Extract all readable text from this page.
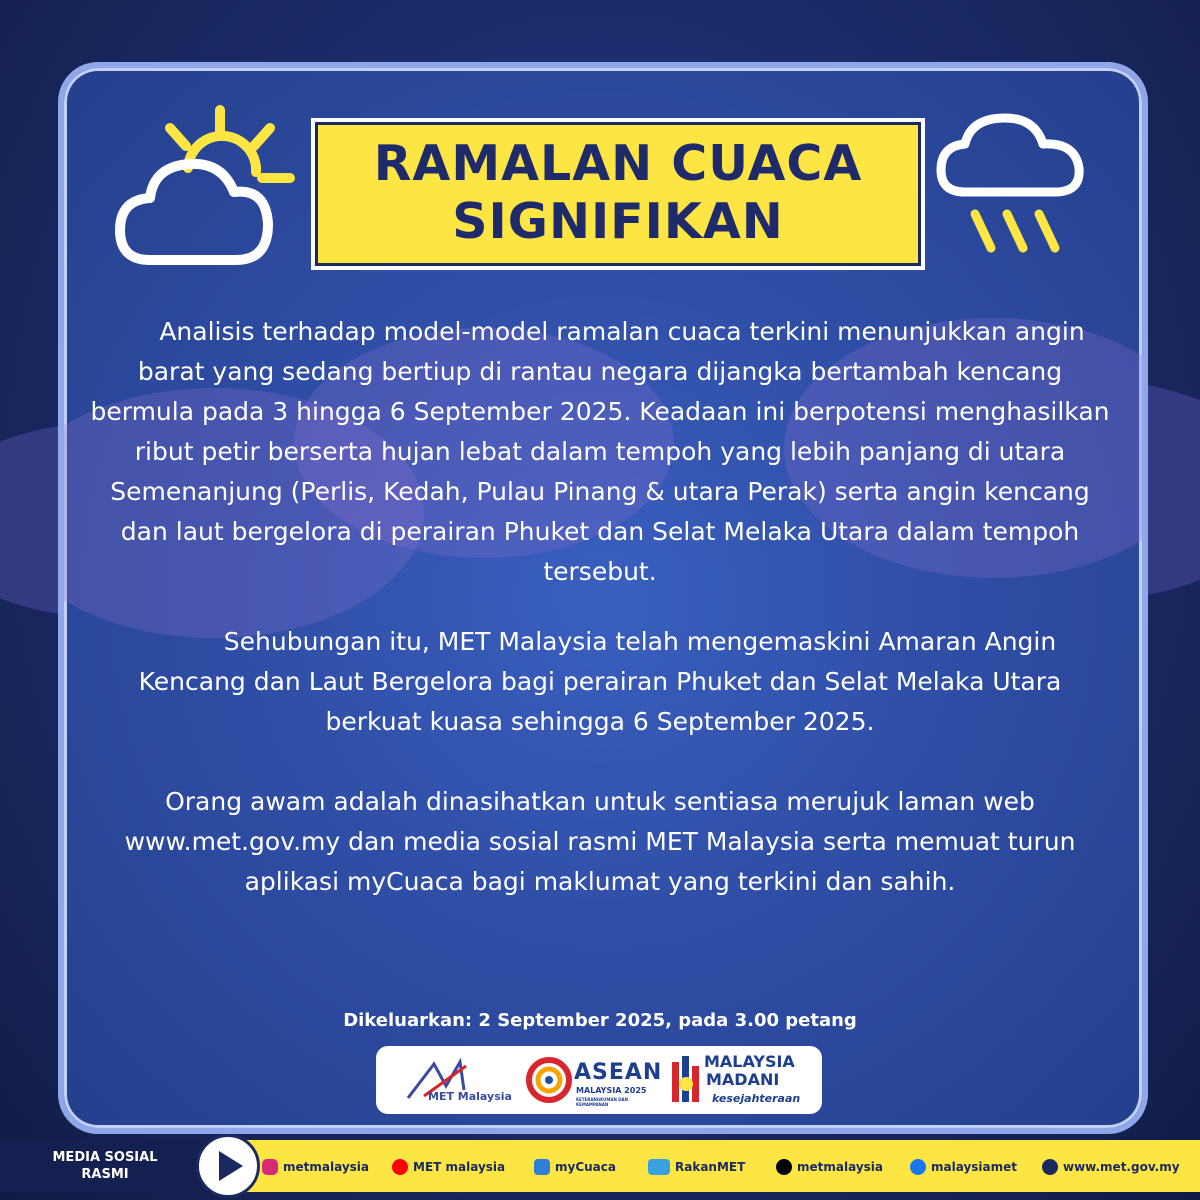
RAMALAN CUACA
SIGNIFIKAN
Analisis terhadap model-model ramalan cuaca terkini menunjukkan angin barat yang sedang bertiup di rantau negara dijangka bertambah kencang bermula pada 3 hingga 6 September 2025. Keadaan ini berpotensi menghasilkan ribut petir berserta hujan lebat dalam tempoh yang lebih panjang di utara Semenanjung (Perlis, Kedah, Pulau Pinang & utara Perak) serta angin kencang dan laut bergelora di perairan Phuket dan Selat Melaka Utara dalam tempoh tersebut.
Sehubungan itu, MET Malaysia telah mengemaskini Amaran Angin Kencang dan Laut Bergelora bagi perairan Phuket dan Selat Melaka Utara berkuat kuasa sehingga 6 September 2025.
Orang awam adalah dinasihatkan untuk sentiasa merujuk laman web www.met.gov.my dan media sosial rasmi MET Malaysia serta memuat turun aplikasi myCuaca bagi maklumat yang terkini dan sahih.
Dikeluarkan: 2 September 2025, pada 3.00 petang
MET Malaysia
ASEAN
MALAYSIA 2025
KETERANGKUMAN DAN KEMAMPANAN
MALAYSIA
MADANI
kesejahteraan
MEDIA SOSIAL
RASMI	metmalaysia	MET malaysia	myCuaca	RakanMET	metmalaysia	malaysiamet	www.met.gov.my
